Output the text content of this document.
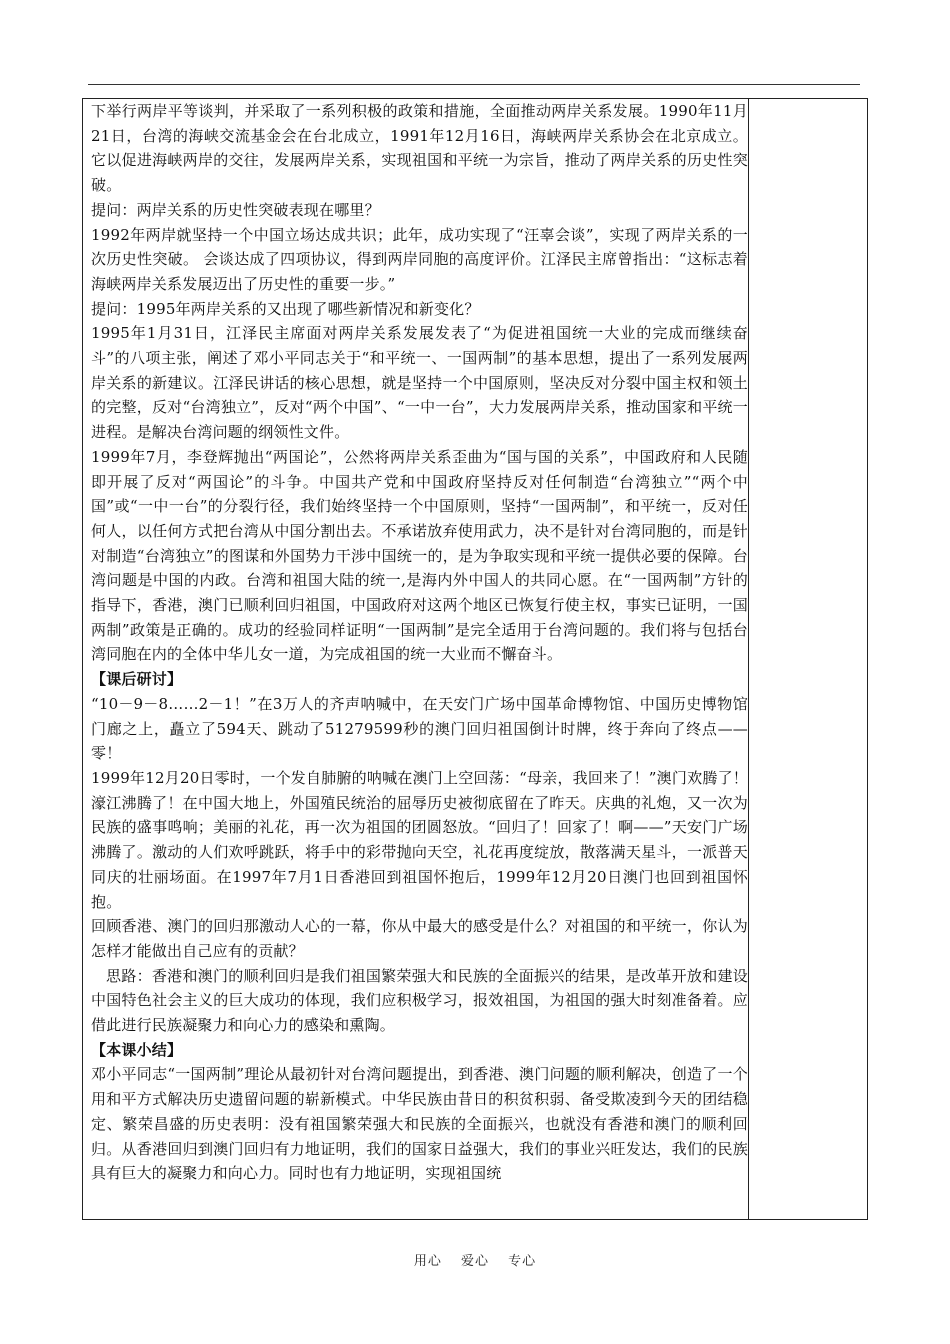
下举行两岸平等谈判，并采取了一系列积极的政策和措施，全面推动两岸关系发展。1990年11月21日，台湾的海峡交流基金会在台北成立，1991年12月16日，海峡两岸关系协会在北京成立。它以促进海峡两岸的交往，发展两岸关系，实现祖国和平统一为宗旨，推动了两岸关系的历史性突破。

提问：两岸关系的历史性突破表现在哪里？

1992年两岸就坚持一个中国立场达成共识；此年，成功实现了“汪辜会谈”，实现了两岸关系的一次历史性突破。 会谈达成了四项协议，得到两岸同胞的高度评价。江泽民主席曾指出：“这标志着海峡两岸关系发展迈出了历史性的重要一步。”

提问：1995年两岸关系的又出现了哪些新情况和新变化？

1995年1月31日，江泽民主席面对两岸关系发展发表了“为促进祖国统一大业的完成而继续奋斗”的八项主张，阐述了邓小平同志关于“和平统一、一国两制”的基本思想，提出了一系列发展两岸关系的新建议。江泽民讲话的核心思想，就是坚持一个中国原则，坚决反对分裂中国主权和领土的完整，反对“台湾独立”，反对“两个中国”、“一中一台”，大力发展两岸关系，推动国家和平统一进程。是解决台湾问题的纲领性文件。

1999年7月，李登辉抛出“两国论”，公然将两岸关系歪曲为“国与国的关系”，中国政府和人民随即开展了反对“两国论”的斗争。中国共产党和中国政府坚持反对任何制造“台湾独立”“两个中国”或“一中一台”的分裂行径，我们始终坚持一个中国原则，坚持“一国两制”，和平统一，反对任何人，以任何方式把台湾从中国分割出去。不承诺放弃使用武力，决不是针对台湾同胞的，而是针对制造“台湾独立”的图谋和外国势力干涉中国统一的，是为争取实现和平统一提供必要的保障。台湾问题是中国的内政。台湾和祖国大陆的统一,是海内外中国人的共同心愿。在“一国两制”方针的指导下，香港，澳门已顺利回归祖国，中国政府对这两个地区已恢复行使主权，事实已证明，一国两制”政策是正确的。成功的经验同样证明“一国两制”是完全适用于台湾问题的。我们将与包括台湾同胞在内的全体中华儿女一道，为完成祖国的统一大业而不懈奋斗。

【课后研讨】

“10－9－8……2－1！”在3万人的齐声呐喊中，在天安门广场中国革命博物馆、中国历史博物馆门廊之上，矗立了594天、跳动了51279599秒的澳门回归祖国倒计时牌，终于奔向了终点——零！

1999年12月20日零时，一个发自肺腑的呐喊在澳门上空回荡：“母亲，我回来了！”澳门欢腾了！濠江沸腾了！在中国大地上，外国殖民统治的屈辱历史被彻底留在了昨天。庆典的礼炮，又一次为民族的盛事鸣响；美丽的礼花，再一次为祖国的团圆怒放。“回归了！回家了！啊——”天安门广场沸腾了。激动的人们欢呼跳跃，将手中的彩带抛向天空，礼花再度绽放，散落满天星斗，一派普天同庆的壮丽场面。在1997年7月1日香港回到祖国怀抱后，1999年12月20日澳门也回到祖国怀抱。

回顾香港、澳门的回归那激动人心的一幕，你从中最大的感受是什么？对祖国的和平统一，你认为怎样才能做出自己应有的贡献？

思路：香港和澳门的顺利回归是我们祖国繁荣强大和民族的全面振兴的结果，是改革开放和建设中国特色社会主义的巨大成功的体现，我们应积极学习，报效祖国，为祖国的强大时刻准备着。应借此进行民族凝聚力和向心力的感染和熏陶。

【本课小结】

邓小平同志“一国两制”理论从最初针对台湾问题提出，到香港、澳门问题的顺利解决，创造了一个用和平方式解决历史遗留问题的崭新模式。中华民族由昔日的积贫积弱、备受欺凌到今天的团结稳定、繁荣昌盛的历史表明：没有祖国繁荣强大和民族的全面振兴，也就没有香港和澳门的顺利回归。从香港回归到澳门回归有力地证明，我们的国家日益强大，我们的事业兴旺发达，我们的民族具有巨大的凝聚力和向心力。同时也有力地证明，实现祖国统

用心 爱心 专心
